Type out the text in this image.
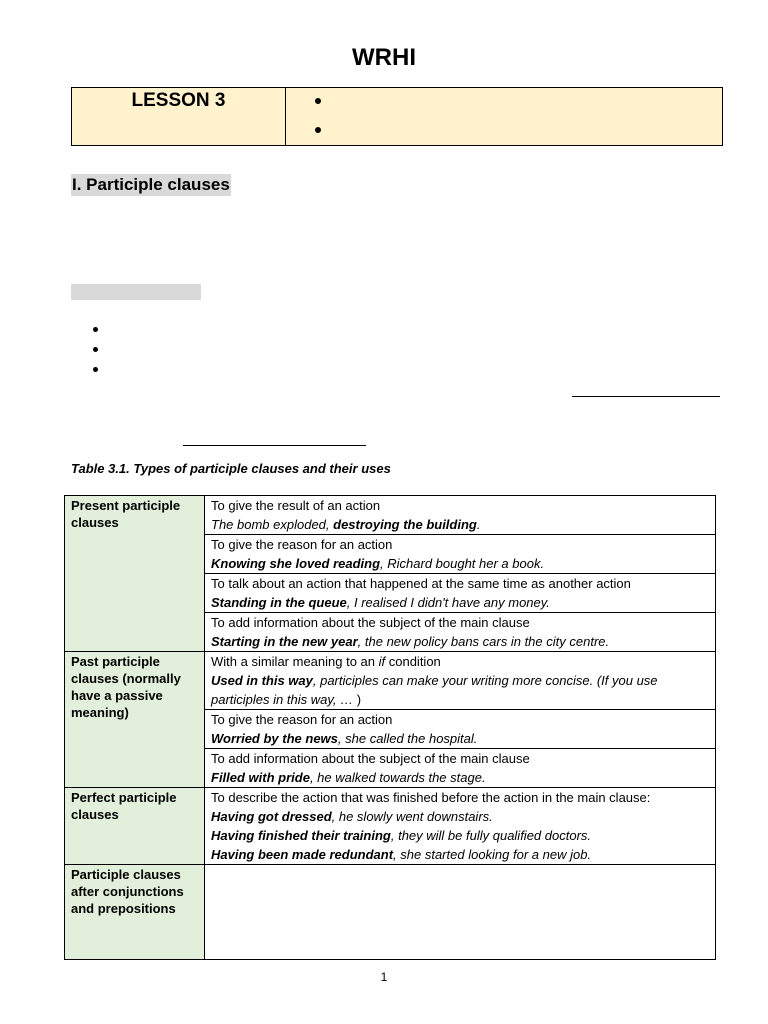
WRHI
LESSON 3
I. Participle clauses
Table 3.1. Types of participle clauses and their uses
Present participle clauses	To give the result of an action
The bomb exploded, destroying the building.

	To give the reason for an action
Knowing she loved reading, Richard bought her a book.

	To talk about an action that happened at the same time as another action
Standing in the queue, I realised I didn't have any money.

	To add information about the subject of the main clause
Starting in the new year, the new policy bans cars in the city centre.

Past participle clauses (normally have a passive meaning)	With a similar meaning to an if condition
Used in this way, participles can make your writing more concise. (If you use participles in this way, … )

	To give the reason for an action
Worried by the news, she called the hospital.

	To add information about the subject of the main clause
Filled with pride, he walked towards the stage.

Perfect participle clauses	To describe the action that was finished before the action in the main clause:
Having got dressed, he slowly went downstairs.
Having finished their training, they will be fully qualified doctors.
Having been made redundant, she started looking for a new job.

Participle clauses after conjunctions and prepositions	
1
